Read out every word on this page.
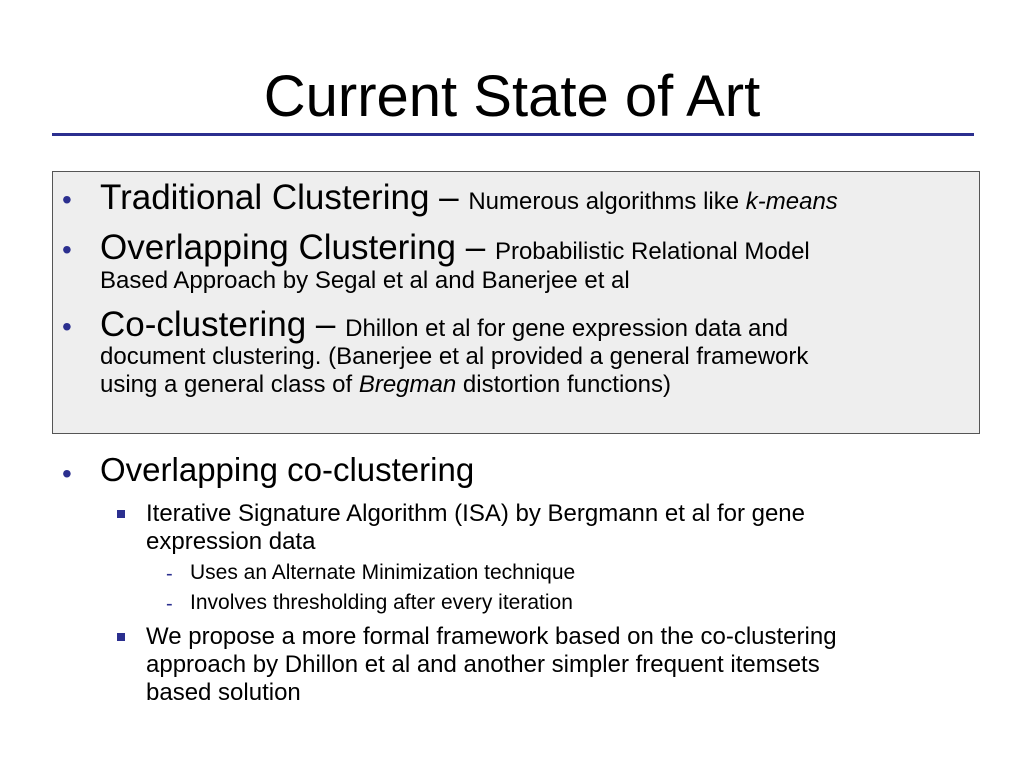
Current State of Art
• Traditional Clustering – Numerous algorithms like k-means
• Overlapping Clustering – Probabilistic Relational Model
Based Approach by Segal et al and Banerjee et al
• Co-clustering – Dhillon et al for gene expression data and
document clustering. (Banerjee et al provided a general framework
using a general class of Bregman distortion functions)
• Overlapping co-clustering
Iterative Signature Algorithm (ISA) by Bergmann et al for gene
expression data
- Uses an Alternate Minimization technique
- Involves thresholding after every iteration
We propose a more formal framework based on the co-clustering
approach by Dhillon et al and another simpler frequent itemsets
based solution
